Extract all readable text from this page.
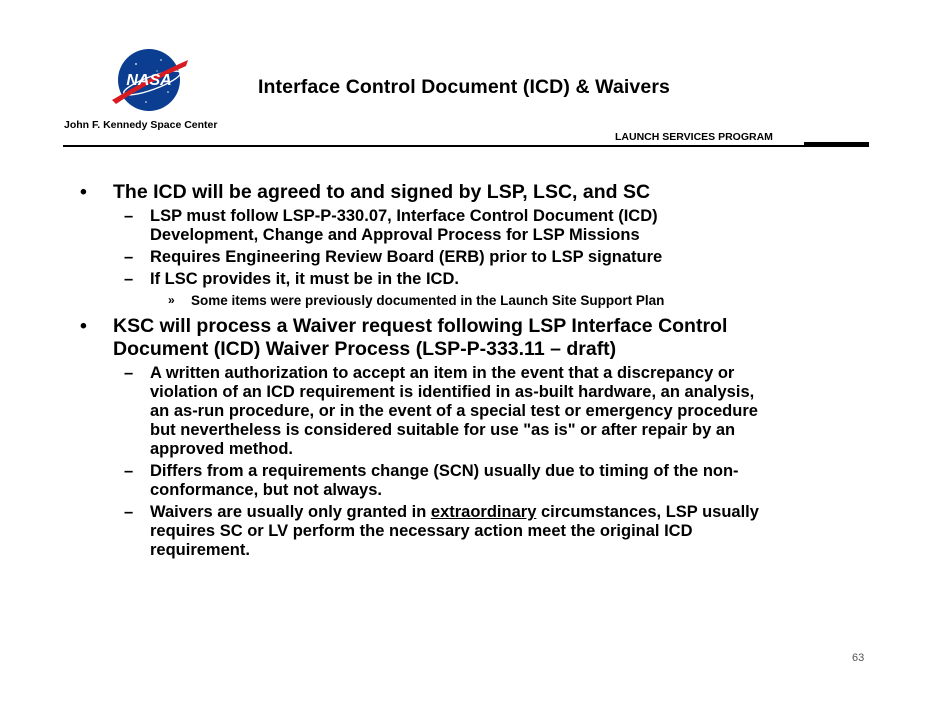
NASA	Interface Control Document (ICD) & Waivers
John F. Kennedy Space Center
LAUNCH SERVICES PROGRAM
• The ICD will be agreed to and signed by LSP, LSC, and SC
– LSP must follow LSP-P-330.07, Interface Control Document (ICD)
Development, Change and Approval Process for LSP Missions
– Requires Engineering Review Board (ERB) prior to LSP signature
– If LSC provides it, it must be in the ICD.
» Some items were previously documented in the Launch Site Support Plan
• KSC will process a Waiver request following LSP Interface Control
Document (ICD) Waiver Process (LSP-P-333.11 – draft)
– A written authorization to accept an item in the event that a discrepancy or
violation of an ICD requirement is identified in as-built hardware, an analysis,
an as-run procedure, or in the event of a special test or emergency procedure
but nevertheless is considered suitable for use "as is" or after repair by an
approved method.
– Differs from a requirements change (SCN) usually due to timing of the non-
conformance, but not always.
– Waivers are usually only granted in extraordinary circumstances, LSP usually
requires SC or LV perform the necessary action meet the original ICD
requirement.
63
